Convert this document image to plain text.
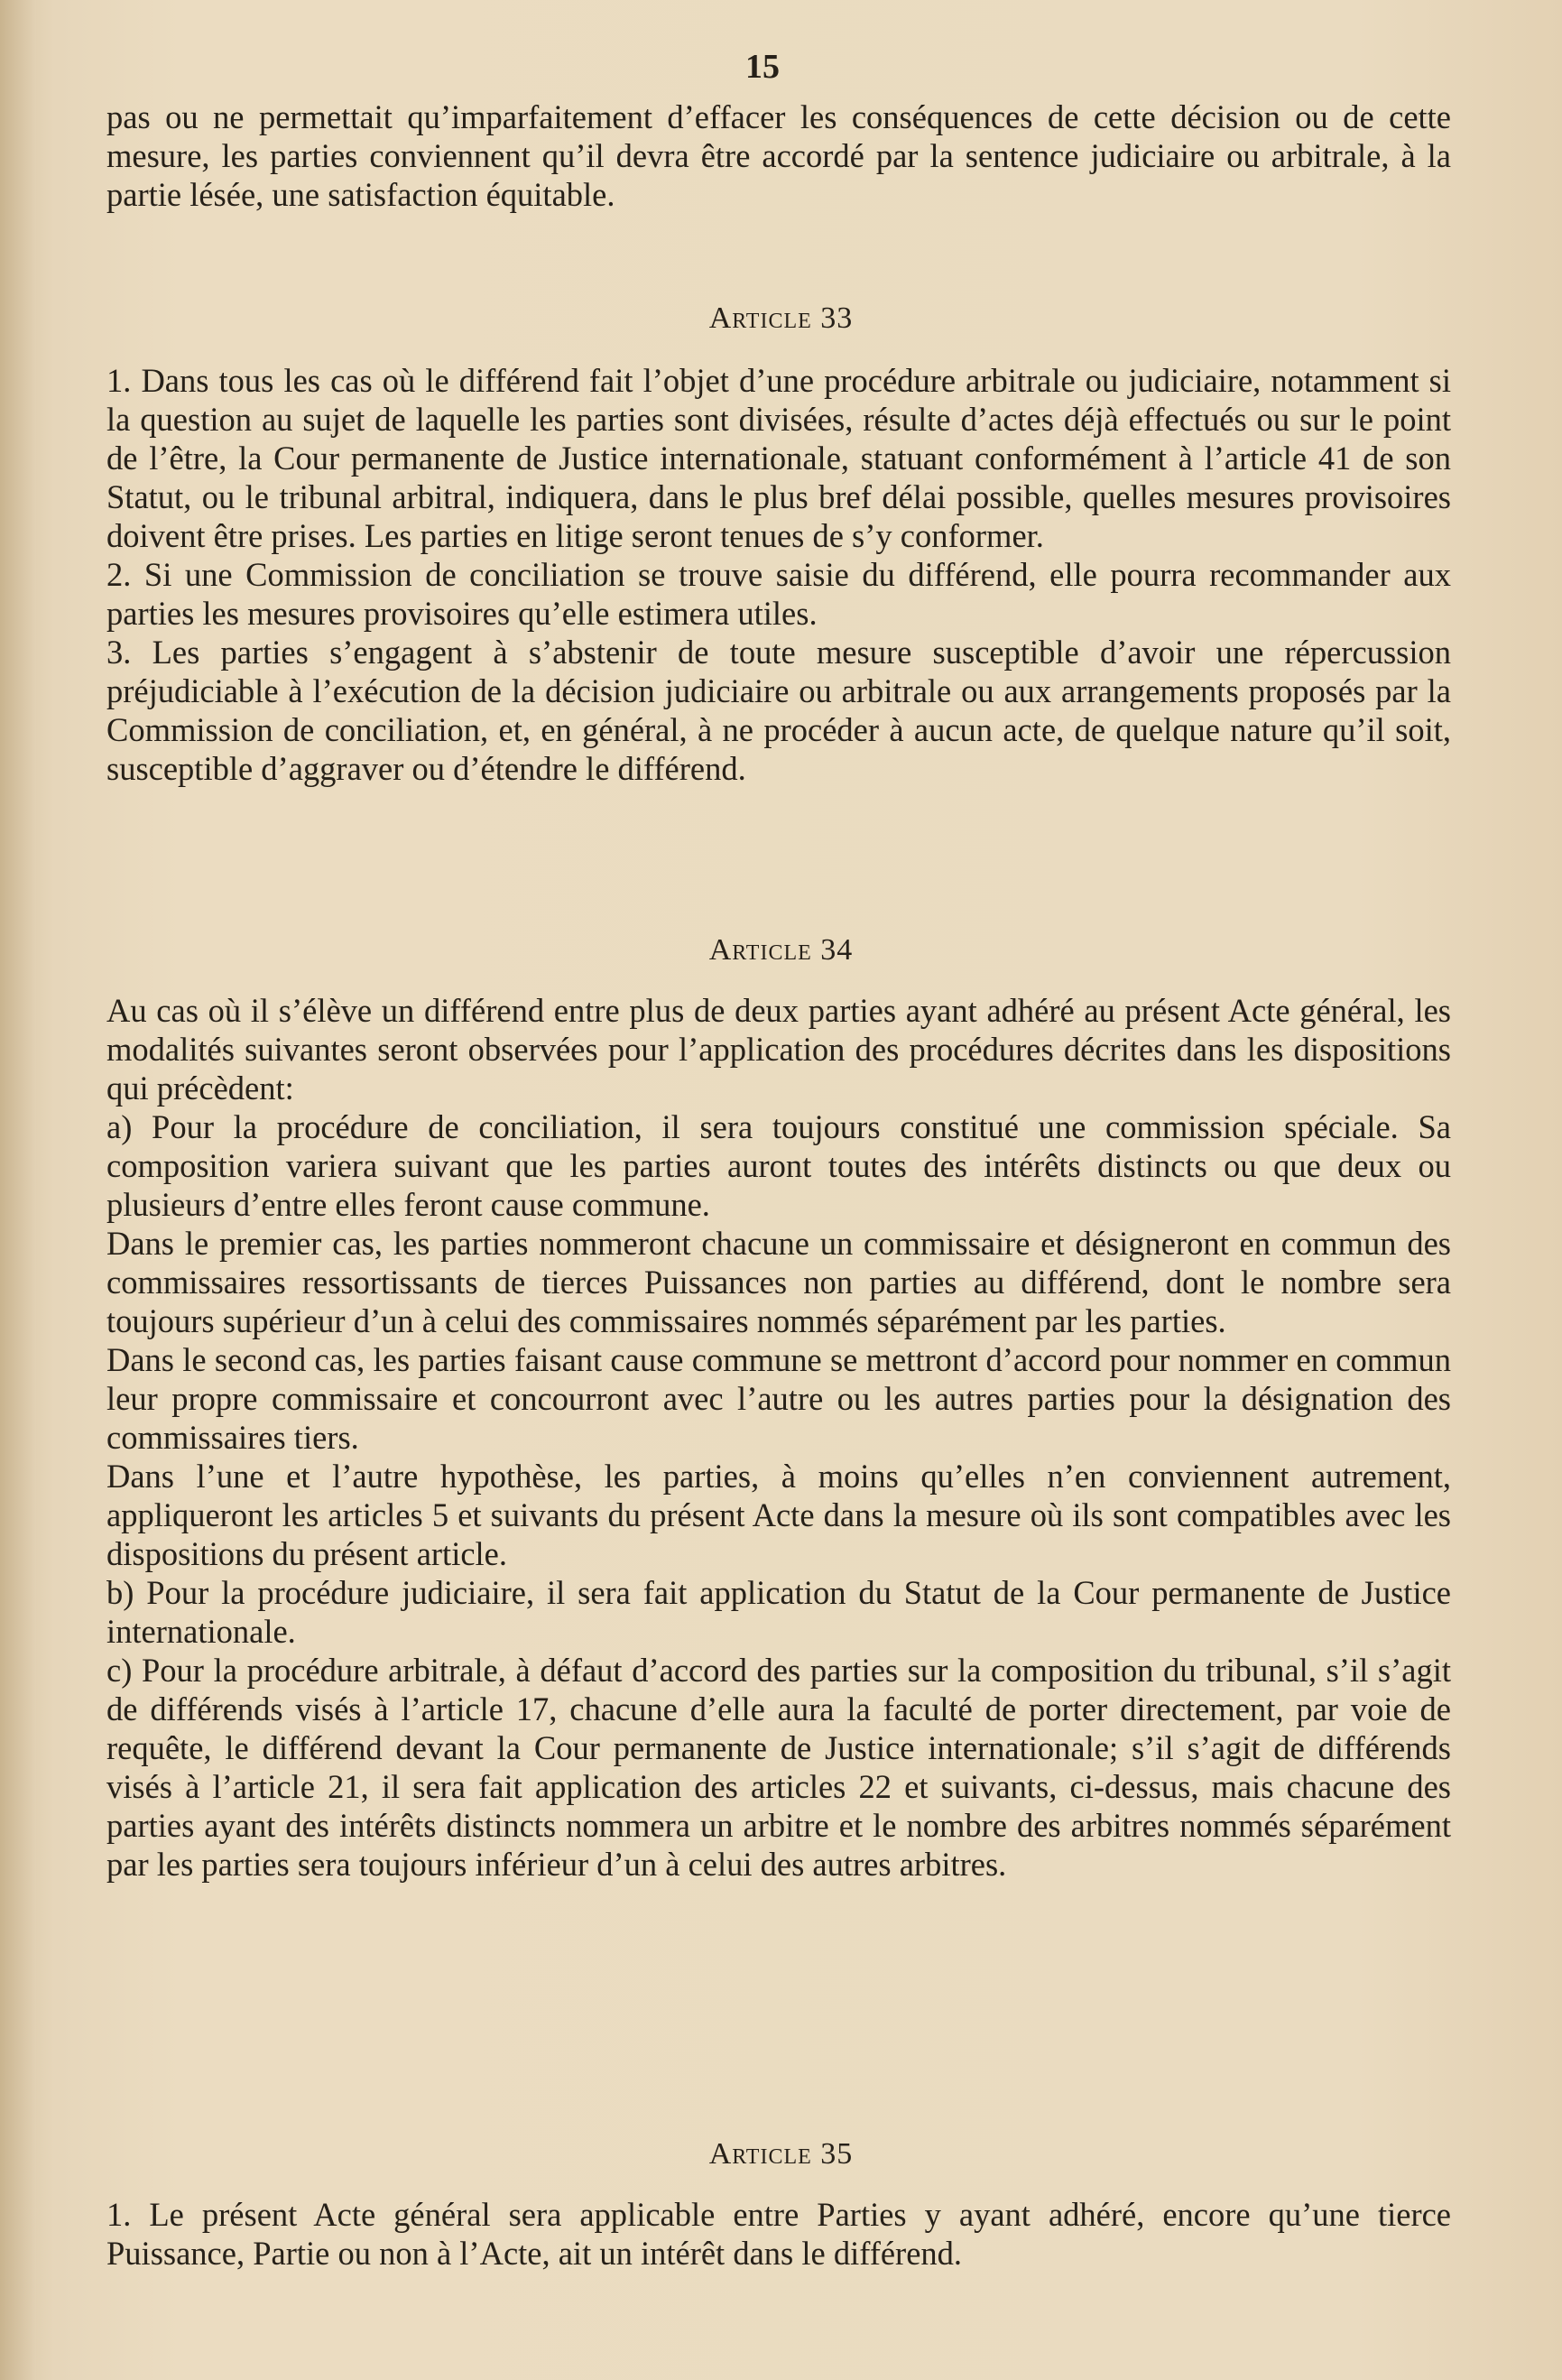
15

pas ou ne permettait qu’imparfaitement d’effacer les conséquences de cette décision ou de cette mesure, les parties conviennent qu’il devra être accordé par la sentence judiciaire ou arbitrale, à la partie lésée, une satisfaction équitable.

Article 33

1. Dans tous les cas où le différend fait l’objet d’une procédure arbitrale ou judiciaire, notamment si la question au sujet de laquelle les parties sont divisées, résulte d’actes déjà effectués ou sur le point de l’être, la Cour permanente de Justice internationale, statuant conformément à l’article 41 de son Statut, ou le tribunal arbitral, indiquera, dans le plus bref délai possible, quelles mesures provisoires doivent être prises. Les parties en litige seront tenues de s’y conformer.

2. Si une Commission de conciliation se trouve saisie du différend, elle pourra recommander aux parties les mesures provisoires qu’elle estimera utiles.

3. Les parties s’engagent à s’abstenir de toute mesure susceptible d’avoir une répercussion préjudiciable à l’exécution de la décision judiciaire ou arbitrale ou aux arrangements proposés par la Commission de conciliation, et, en général, à ne procéder à aucun acte, de quelque nature qu’il soit, susceptible d’aggraver ou d’étendre le différend.

Article 34

Au cas où il s’élève un différend entre plus de deux parties ayant adhéré au présent Acte général, les modalités suivantes seront observées pour l’application des procédures décrites dans les dispositions qui précèdent:

a) Pour la procédure de conciliation, il sera toujours constitué une commission spéciale. Sa composition variera suivant que les parties auront toutes des intérêts distincts ou que deux ou plusieurs d’entre elles feront cause commune.

Dans le premier cas, les parties nommeront chacune un commissaire et désigneront en commun des commissaires ressortissants de tierces Puissances non parties au différend, dont le nombre sera toujours supérieur d’un à celui des commissaires nommés séparément par les parties.

Dans le second cas, les parties faisant cause commune se mettront d’accord pour nommer en commun leur propre commissaire et concourront avec l’autre ou les autres parties pour la désignation des commissaires tiers.

Dans l’une et l’autre hypothèse, les parties, à moins qu’elles n’en conviennent autrement, appliqueront les articles 5 et suivants du présent Acte dans la mesure où ils sont compatibles avec les dispositions du présent article.

b) Pour la procédure judiciaire, il sera fait application du Statut de la Cour permanente de Justice internationale.

c) Pour la procédure arbitrale, à défaut d’accord des parties sur la composition du tribunal, s’il s’agit de différends visés à l’article 17, chacune d’elle aura la faculté de porter directement, par voie de requête, le différend devant la Cour permanente de Justice internationale; s’il s’agit de différends visés à l’article 21, il sera fait application des articles 22 et suivants, ci-dessus, mais chacune des parties ayant des intérêts distincts nommera un arbitre et le nombre des arbitres nommés séparément par les parties sera toujours inférieur d’un à celui des autres arbitres.

Article 35

1. Le présent Acte général sera applicable entre Parties y ayant adhéré, encore qu’une tierce Puissance, Partie ou non à l’Acte, ait un intérêt dans le différend.
